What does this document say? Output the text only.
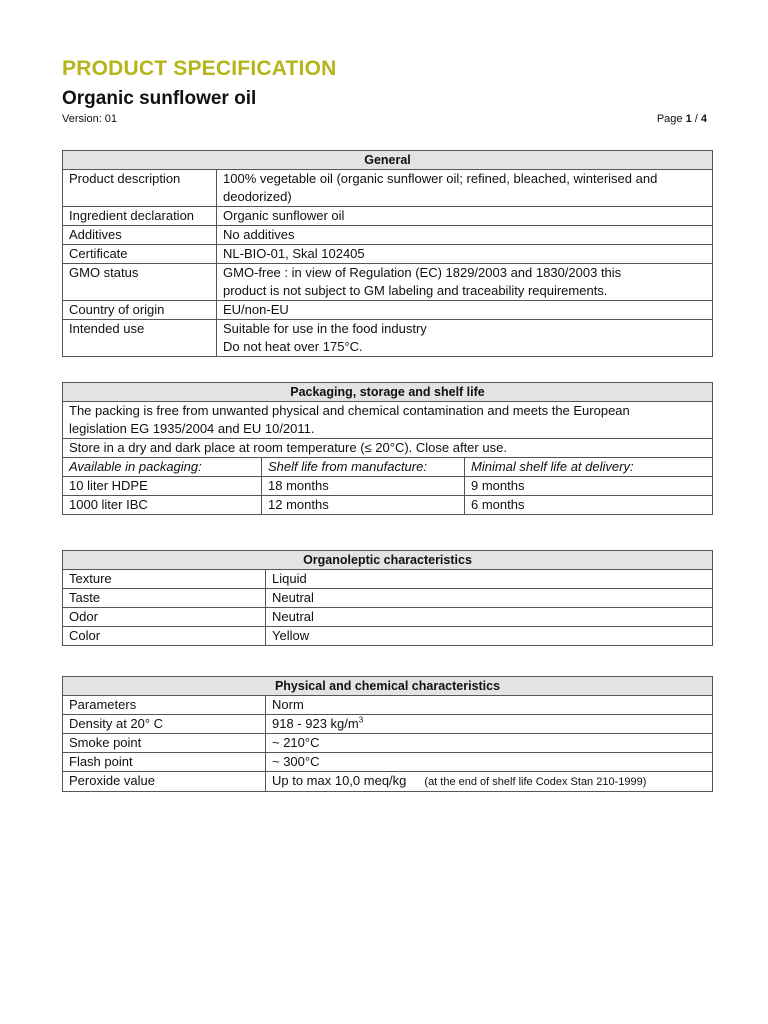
PRODUCT SPECIFICATION
Organic sunflower oil
Version: 01	Page 1 / 4
General	
Product description	100% vegetable oil (organic sunflower oil; refined, bleached, winterised and
deodorized)

Ingredient declaration	Organic sunflower oil
Additives	No additives
Certificate	NL-BIO-01, Skal 102405
GMO status	GMO-free : in view of Regulation (EC) 1829/2003 and 1830/2003 this
product is not subject to GM labeling and traceability requirements.

Country of origin	EU/non-EU
Intended use	Suitable for use in the food industry
Do not heat over 175°C.
Packaging, storage and shelf life		

The packing is free from unwanted physical and chemical contamination and meets the European
legislation EG 1935/2004 and EU 10/2011.		

Store in a dry and dark place at room temperature (≤ 20°C). Close after use.		
Available in packaging:	Shelf life from manufacture:	Minimal shelf life at delivery:
10 liter HDPE	18 months	9 months
1000 liter IBC	12 months	6 months
Organoleptic characteristics	
Texture	Liquid
Taste	Neutral
Odor	Neutral
Color	Yellow
Physical and chemical characteristics	
Parameters	Norm
Density at 20° C	918 - 923 $kg/m^3$
Smoke point	~ 210°C
Flash point	~ 300°C
Peroxide value	Up to max 10,0 meq/kg (at the end of shelf life Codex Stan 210-1999)
